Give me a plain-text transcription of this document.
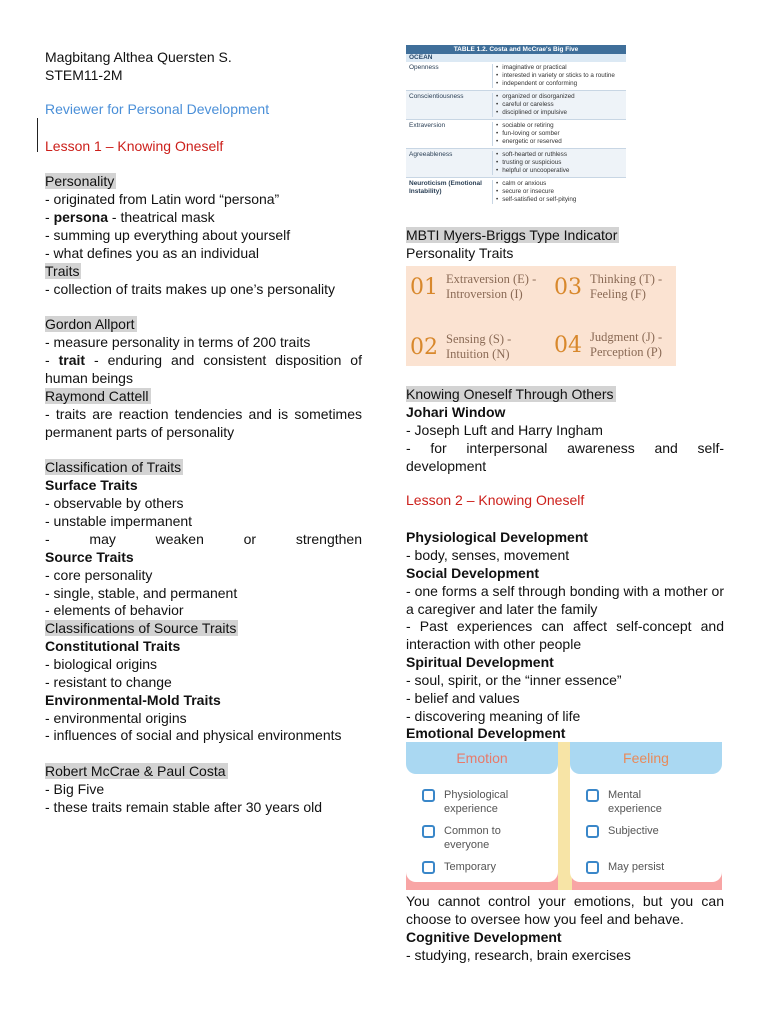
Magbitang Althea Quersten S.
STEM11-2M
Reviewer for Personal Development
Lesson 1 – Knowing Oneself
Personality
- originated from Latin word “persona”
- persona - theatrical mask
- summing up everything about yourself
- what defines you as an individual
Traits
- collection of traits makes up one’s personality
Gordon Allport
- measure personality in terms of 200 traits
- trait - enduring and consistent disposition of human beings
Raymond Cattell
- traits are reaction tendencies and is sometimes permanent parts of personality
Classification of Traits
Surface Traits
- observable by others
- unstable impermanent
- may weaken or strengthen
Source Traits
- core personality
- single, stable, and permanent
- elements of behavior
Classifications of Source Traits
Constitutional Traits
- biological origins
- resistant to change
Environmental-Mold Traits
- environmental origins
- influences of social and physical environments
Robert McCrae & Paul Costa
- Big Five
- these traits remain stable after 30 years old
TABLE 1.2. Costa and McCrae's Big Five
OCEAN
Openness	• imaginative or practical
• interested in variety or sticks to a routine
• independent or conforming
Conscientiousness	• organized or disorganized
• careful or careless
• disciplined or impulsive
Extraversion	• sociable or retiring
• fun-loving or somber
• energetic or reserved
Agreeableness	• soft-hearted or ruthless
• trusting or suspicious
• helpful or uncooperative
Neuroticism (Emotional Instability)
• calm or anxious
• secure or insecure
• self-satisfied or self-pitying
MBTI Myers-Briggs Type Indicator
Personality Traits
01 Extraversion (E) -
Introversion (I)	03 Thinking (T) -
Feeling (F)
02 Sensing (S) -
Intuition (N) 04 Judgment (J) -
Perception (P)
Knowing Oneself Through Others
Johari Window
- Joseph Luft and Harry Ingham
- for interpersonal awareness and self-development
Lesson 2 – Knowing Oneself
Physiological Development
- body, senses, movement
Social Development
- one forms a self through bonding with a mother or a caregiver and later the family
- Past experiences can affect self-concept and interaction with other people
Spiritual Development
- soul, spirit, or the “inner essence”
- belief and values
- discovering meaning of life
Emotional Development
Emotion
Physiological
experience
Common to
everyone
Temporary
Feeling
Mental
experience
Subjective
May persist
You cannot control your emotions, but you can choose to oversee how you feel and behave.
Cognitive Development
- studying, research, brain exercises
